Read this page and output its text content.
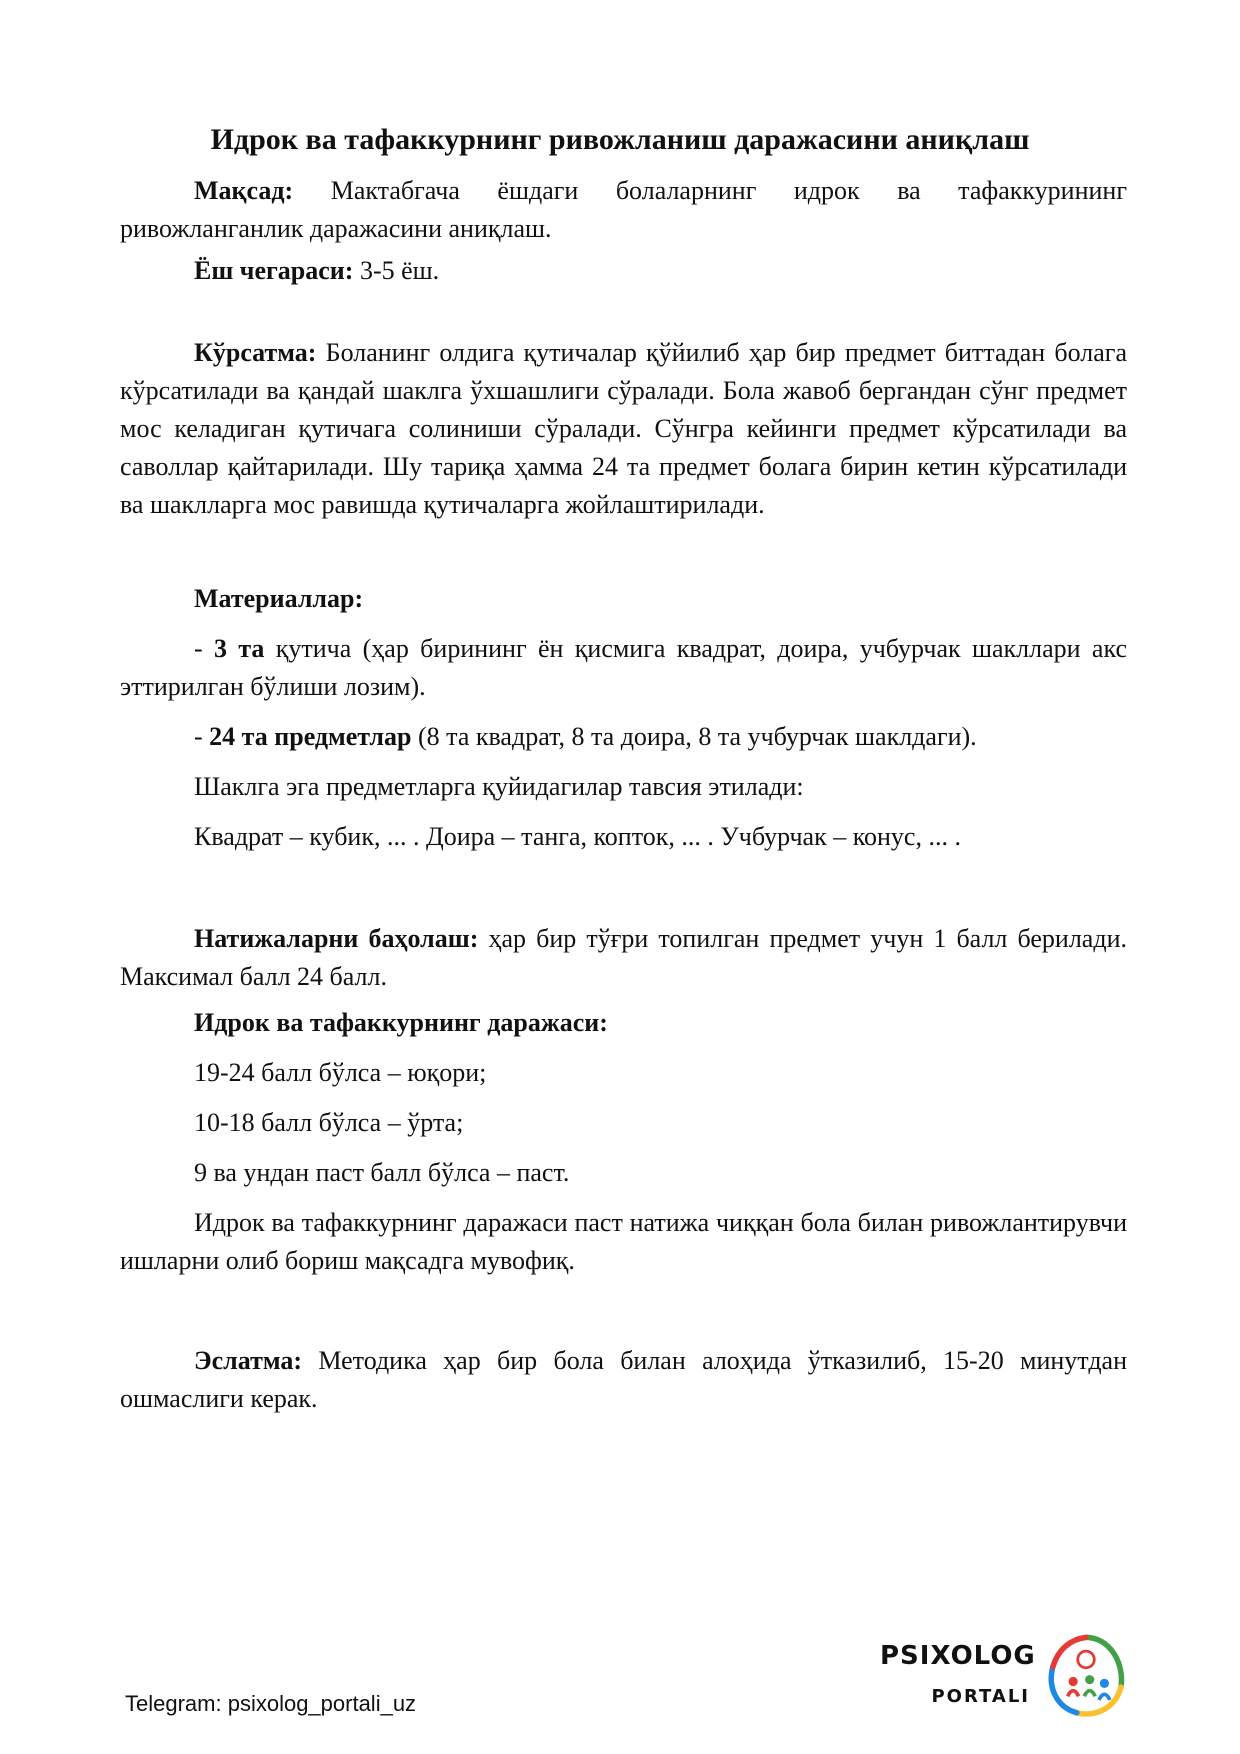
Идрок ва тафаккурнинг ривожланиш даражасини аниқлаш
Мақсад: Мактабгача ёшдаги болаларнинг идрок ва тафаккурининг ривожланганлик даражасини аниқлаш.
Ёш чегараси: 3-5 ёш.
Кўрсатма: Боланинг олдига қутичалар қўйилиб ҳар бир предмет биттадан болага кўрсатилади ва қандай шаклга ўхшашлиги сўралади. Бола жавоб бергандан сўнг предмет мос келадиган қутичага солиниши сўралади. Сўнгра кейинги предмет кўрсатилади ва саволлар қайтарилади. Шу тариқа ҳамма 24 та предмет болага бирин кетин кўрсатилади ва шаклларга мос равишда қутичаларга жойлаштирилади.
Материаллар:
- 3 та қутича (ҳар бирининг ён қисмига квадрат, доира, учбурчак шакллари акс эттирилган бўлиши лозим).
- 24 та предметлар (8 та квадрат, 8 та доира, 8 та учбурчак шаклдаги).
Шаклга эга предметларга қуйидагилар тавсия этилади:
Квадрат – кубик, ... . Доира – танга, копток, ... . Учбурчак – конус, ... .
Натижаларни баҳолаш: ҳар бир тўғри топилган предмет учун 1 балл берилади. Максимал балл 24 балл.
Идрок ва тафаккурнинг даражаси:
19-24 балл бўлса – юқори;
10-18 балл бўлса – ўрта;
9 ва ундан паст балл бўлса – паст.
Идрок ва тафаккурнинг даражаси паст натижа чиққан бола билан ривожлантирувчи ишларни олиб бориш мақсадга мувофиқ.
Эслатма: Методика ҳар бир бола билан алоҳида ўтказилиб, 15-20 минутдан ошмаслиги керак.
Telegram: psixolog_portali_uz
PSIXOLOG
PORTALI
